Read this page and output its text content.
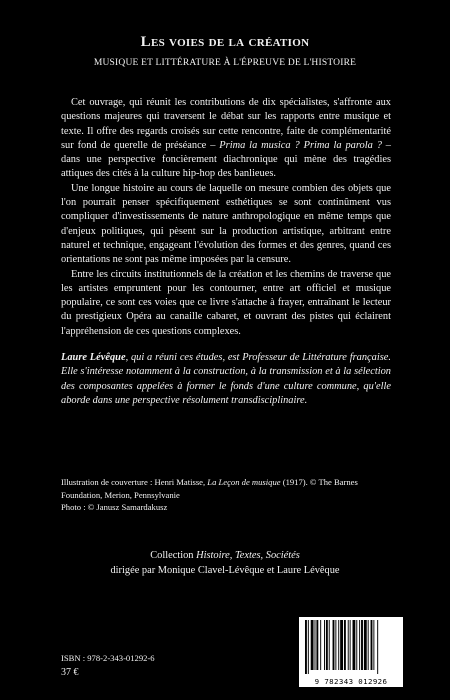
Les voies de la création
MUSIQUE ET LITTÉRATURE À L'ÉPREUVE DE L'HISTOIRE

Cet ouvrage, qui réunit les contributions de dix spécialistes, s'affronte aux questions majeures qui traversent le débat sur les rapports entre musique et texte. Il offre des regards croisés sur cette rencontre, faite de complémentarité sur fond de querelle de préséance – Prima la musica ? Prima la parola ? – dans une perspective foncièrement diachronique qui mène des tragédies attiques des cités à la culture hip-hop des banlieues.

Une longue histoire au cours de laquelle on mesure combien des objets que l'on pourrait penser spécifiquement esthétiques se sont continûment vus compliquer d'investissements de nature anthropologique en même temps que d'enjeux politiques, qui pèsent sur la production artistique, arbitrant entre naturel et technique, engageant l'évolution des formes et des genres, quand ces orientations ne sont pas même imposées par la censure.

Entre les circuits institutionnels de la création et les chemins de traverse que les artistes empruntent pour les contourner, entre art officiel et musique populaire, ce sont ces voies que ce livre s'attache à frayer, entraînant le lecteur du prestigieux Opéra au canaille cabaret, et ouvrant des pistes qui éclairent l'appréhension de ces questions complexes.

Laure Lévêque, qui a réuni ces études, est Professeur de Littérature française. Elle s'intéresse notamment à la construction, à la transmission et à la sélection des composantes appelées à former le fonds d'une culture commune, qu'elle aborde dans une perspective résolument transdisciplinaire.
Illustration de couverture : Henri Matisse, La Leçon de musique (1917). © The Barnes Foundation, Merion, Pennsylvanie
Photo : © Janusz Samardakusz
Collection Histoire, Textes, Sociétés
dirigée par Monique Clavel-Lévêque et Laure Lévêque
ISBN : 978-2-343-01292-6
37 €
9 782343 012926
